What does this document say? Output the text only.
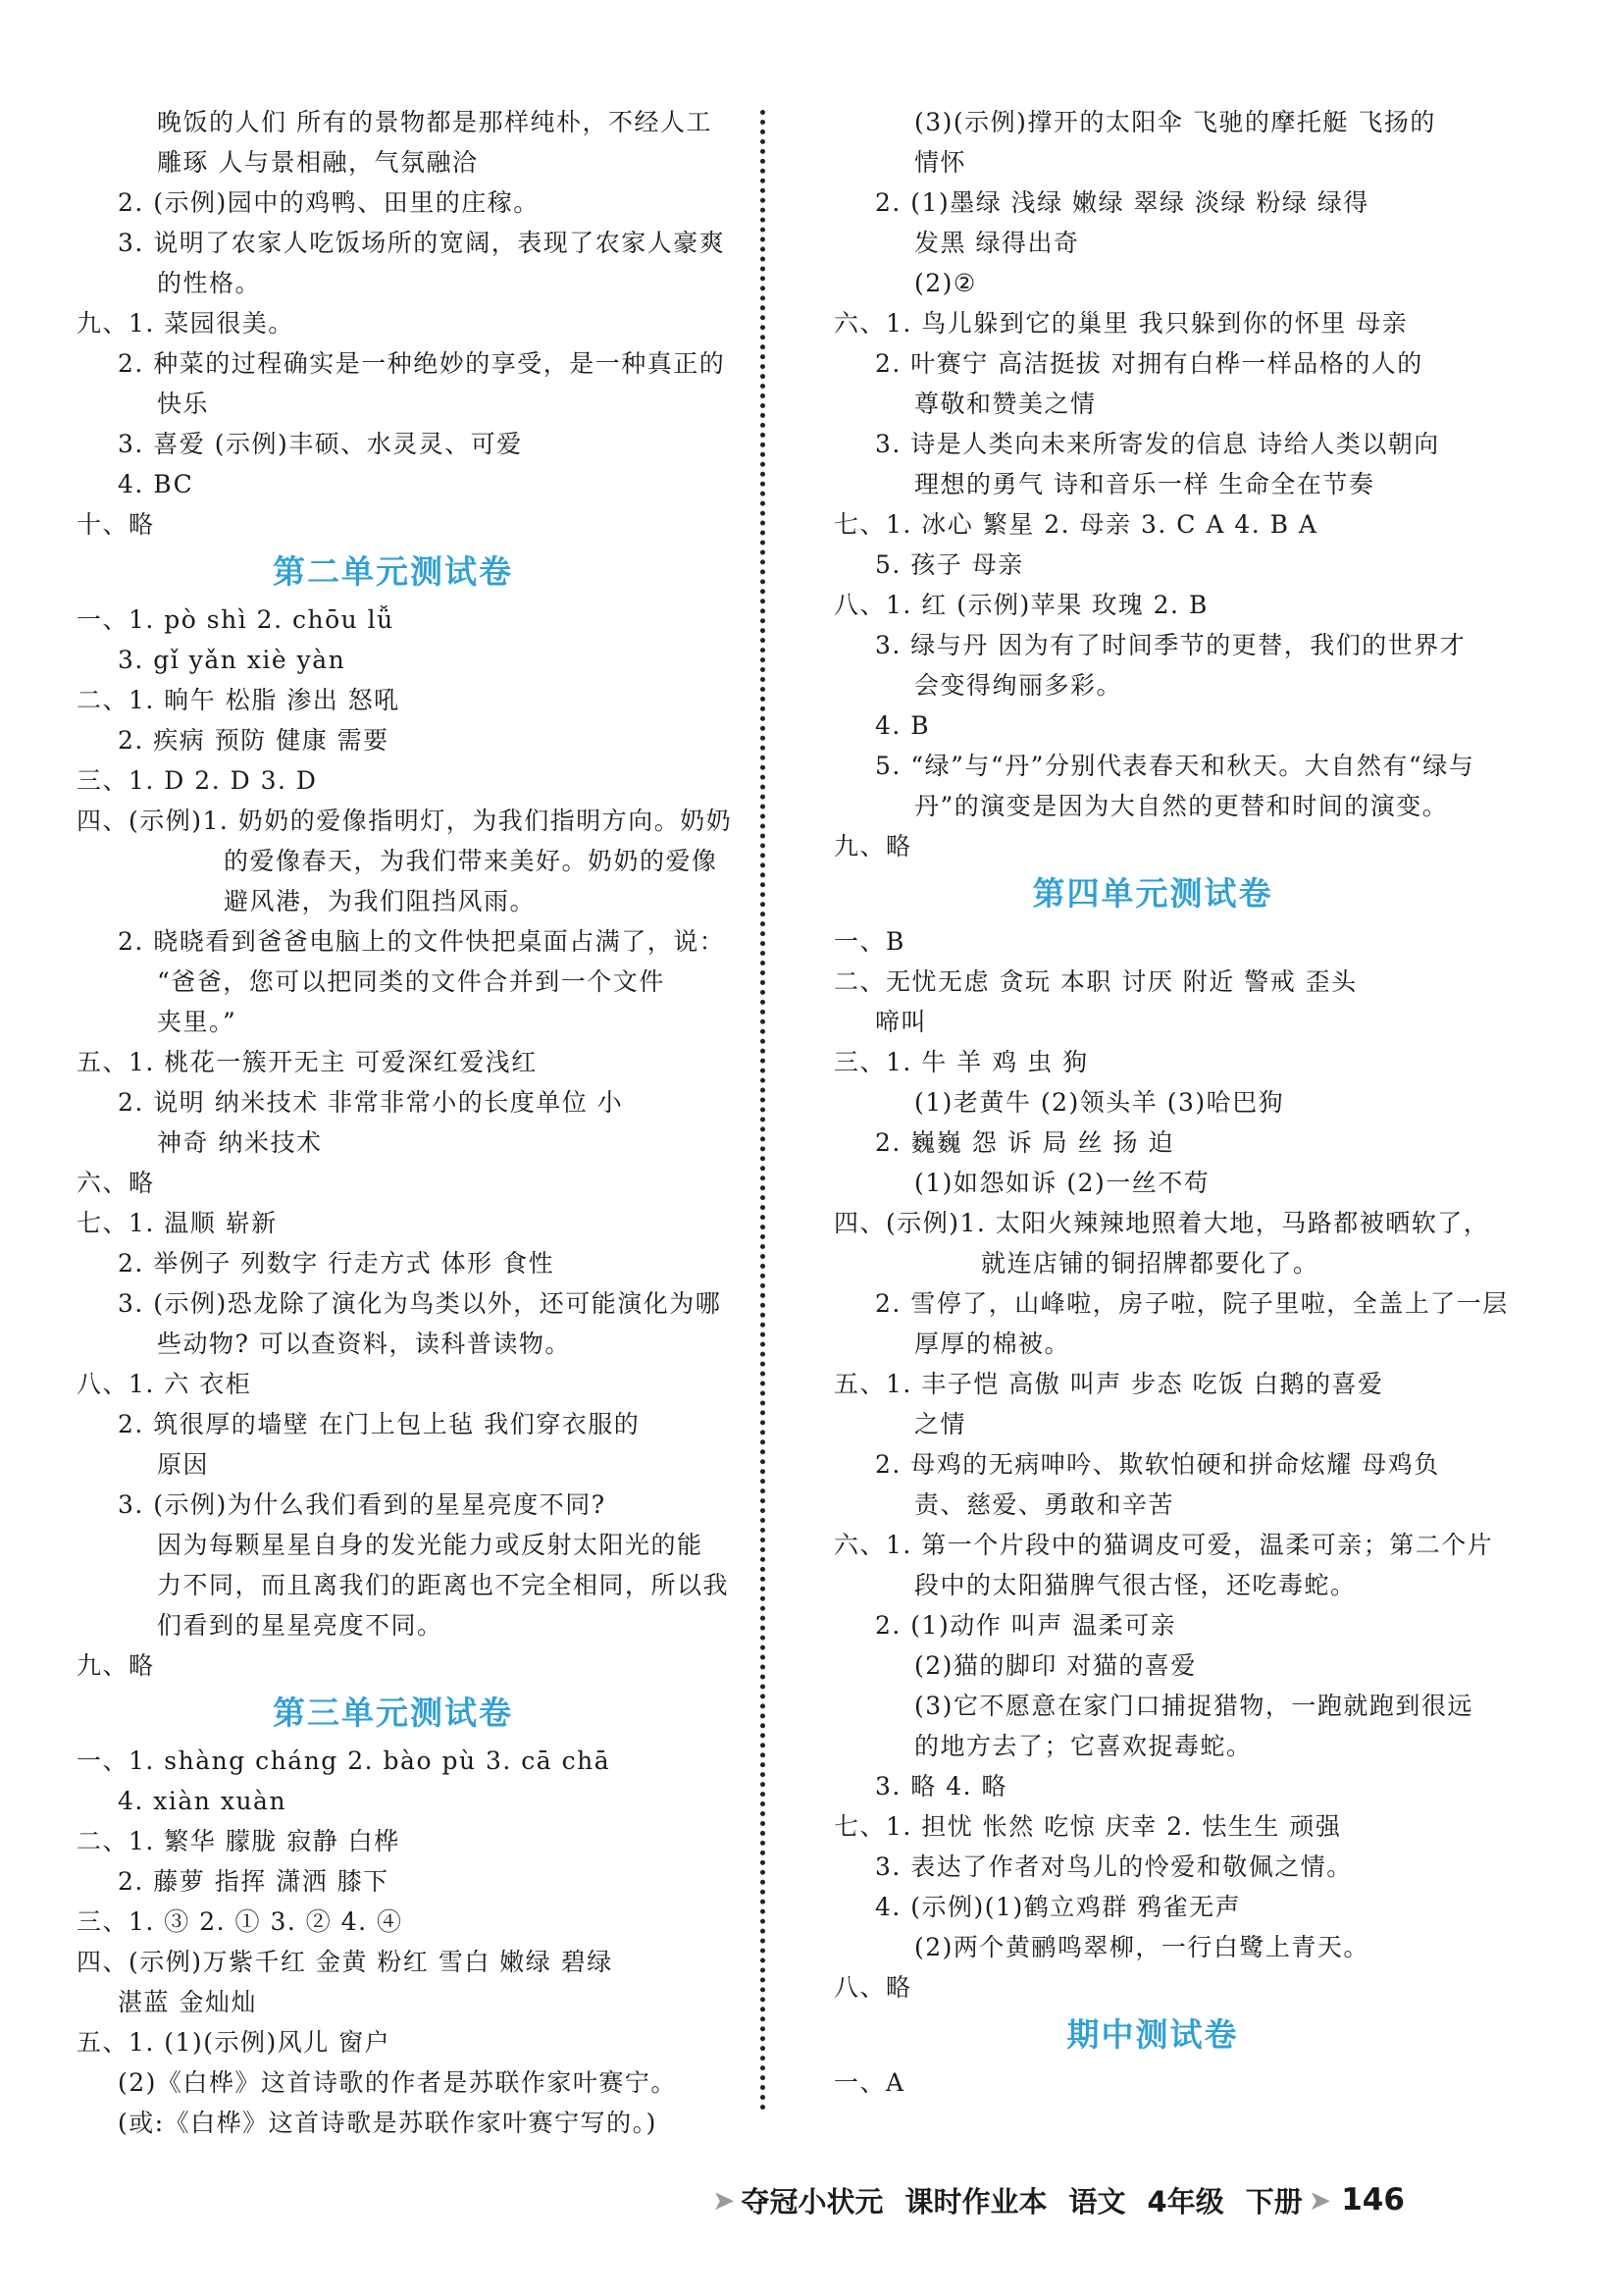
晚饭的人们 所有的景物都是那样纯朴，不经人工
雕琢 人与景相融，气氛融洽
2. (示例)园中的鸡鸭、田里的庄稼。
3. 说明了农家人吃饭场所的宽阔，表现了农家人豪爽
的性格。
九、1. 菜园很美。
2. 种菜的过程确实是一种绝妙的享受，是一种真正的
快乐
3. 喜爱 (示例)丰硕、水灵灵、可爱
4. BC
十、略
第二单元测试卷
一、1. pò shì 2. chōu lǚ
3. gǐ yǎn xiè yàn
二、1. 晌午 松脂 渗出 怒吼
2. 疾病 预防 健康 需要
三、1. D 2. D 3. D
四、(示例)1. 奶奶的爱像指明灯，为我们指明方向。奶奶
的爱像春天，为我们带来美好。奶奶的爱像
避风港，为我们阻挡风雨。
2. 晓晓看到爸爸电脑上的文件快把桌面占满了，说：
“爸爸，您可以把同类的文件合并到一个文件
夹里。”
五、1. 桃花一簇开无主 可爱深红爱浅红
2. 说明 纳米技术 非常非常小的长度单位 小
神奇 纳米技术
六、略
七、1. 温顺 崭新
2. 举例子 列数字 行走方式 体形 食性
3. (示例)恐龙除了演化为鸟类以外，还可能演化为哪
些动物? 可以查资料，读科普读物。
八、1. 六 衣柜
2. 筑很厚的墙壁 在门上包上毡 我们穿衣服的
原因
3. (示例)为什么我们看到的星星亮度不同?
因为每颗星星自身的发光能力或反射太阳光的能
力不同，而且离我们的距离也不完全相同，所以我
们看到的星星亮度不同。
九、略
第三单元测试卷
一、1. shàng cháng 2. bào pù 3. cā chā
4. xiàn xuàn
二、1. 繁华 朦胧 寂静 白桦
2. 藤萝 指挥 潇洒 膝下
三、1. ③ 2. ① 3. ② 4. ④
四、(示例)万紫千红 金黄 粉红 雪白 嫩绿 碧绿
湛蓝 金灿灿
五、1. (1)(示例)风儿 窗户
(2)《白桦》这首诗歌的作者是苏联作家叶赛宁。
(或:《白桦》这首诗歌是苏联作家叶赛宁写的。)
(3)(示例)撑开的太阳伞 飞驰的摩托艇 飞扬的
情怀
2. (1)墨绿 浅绿 嫩绿 翠绿 淡绿 粉绿 绿得
发黑 绿得出奇
(2)②
六、1. 鸟儿躲到它的巢里 我只躲到你的怀里 母亲
2. 叶赛宁 高洁挺拔 对拥有白桦一样品格的人的
尊敬和赞美之情
3. 诗是人类向未来所寄发的信息 诗给人类以朝向
理想的勇气 诗和音乐一样 生命全在节奏
七、1. 冰心 繁星 2. 母亲 3. C A 4. B A
5. 孩子 母亲
八、1. 红 (示例)苹果 玫瑰 2. B
3. 绿与丹 因为有了时间季节的更替，我们的世界才
会变得绚丽多彩。
4. B
5. “绿”与“丹”分别代表春天和秋天。大自然有“绿与
丹”的演变是因为大自然的更替和时间的演变。
九、略
第四单元测试卷
一、B
二、无忧无虑 贪玩 本职 讨厌 附近 警戒 歪头
啼叫
三、1. 牛 羊 鸡 虫 狗
(1)老黄牛 (2)领头羊 (3)哈巴狗
2. 巍巍 怨 诉 局 丝 扬 迫
(1)如怨如诉 (2)一丝不苟
四、(示例)1. 太阳火辣辣地照着大地，马路都被晒软了，
就连店铺的铜招牌都要化了。
2. 雪停了，山峰啦，房子啦，院子里啦，全盖上了一层
厚厚的棉被。
五、1. 丰子恺 高傲 叫声 步态 吃饭 白鹅的喜爱
之情
2. 母鸡的无病呻吟、欺软怕硬和拼命炫耀 母鸡负
责、慈爱、勇敢和辛苦
六、1. 第一个片段中的猫调皮可爱，温柔可亲；第二个片
段中的太阳猫脾气很古怪，还吃毒蛇。
2. (1)动作 叫声 温柔可亲
(2)猫的脚印 对猫的喜爱
(3)它不愿意在家门口捕捉猎物，一跑就跑到很远
的地方去了；它喜欢捉毒蛇。
3. 略 4. 略
七、1. 担忧 怅然 吃惊 庆幸 2. 怯生生 顽强
3. 表达了作者对鸟儿的怜爱和敬佩之情。
4. (示例)(1)鹤立鸡群 鸦雀无声
(2)两个黄鹂鸣翠柳，一行白鹭上青天。
八、略
期中测试卷
一、A
➤ 夺冠小状元 课时作业本 语文 4年级 下册 ➤ 146
